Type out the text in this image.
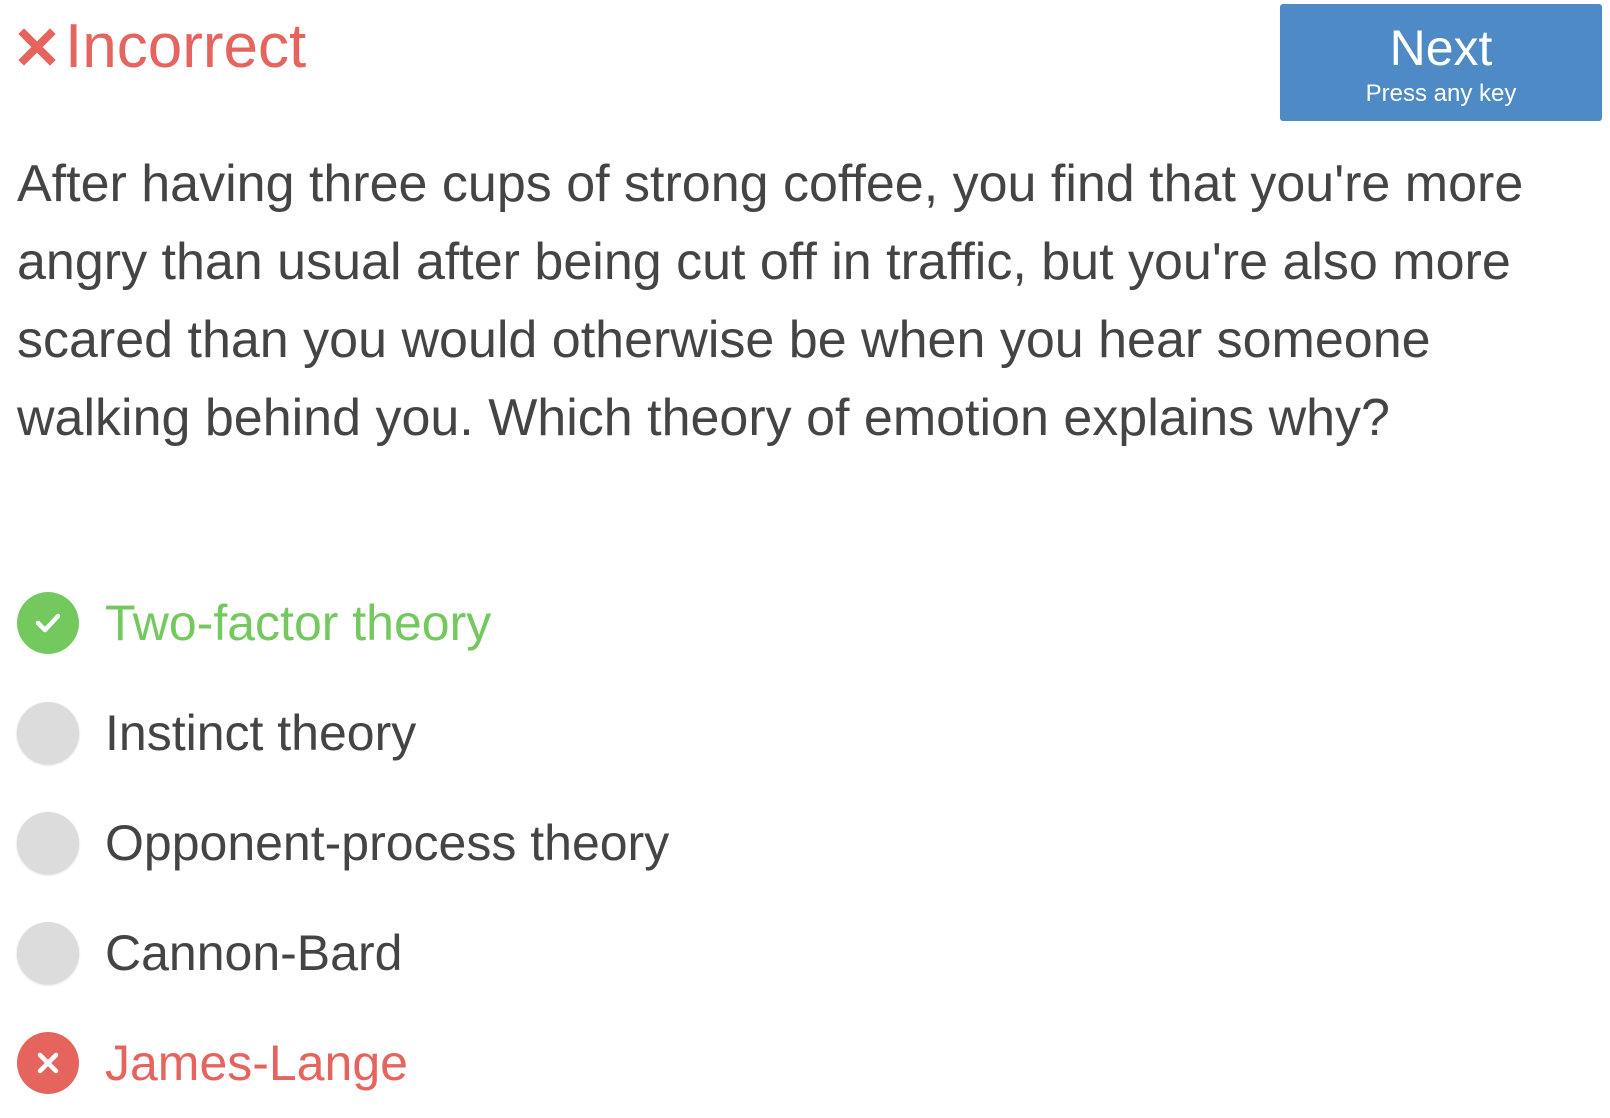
Incorrect	Next
Press any key

After having three cups of strong coffee, you find that you're more angry than usual after being cut off in traffic, but you're also more scared than you would otherwise be when you hear someone walking behind you. Which theory of emotion explains why?

Two-factor theory
Instinct theory
Opponent-process theory
Cannon-Bard
James-Lange
